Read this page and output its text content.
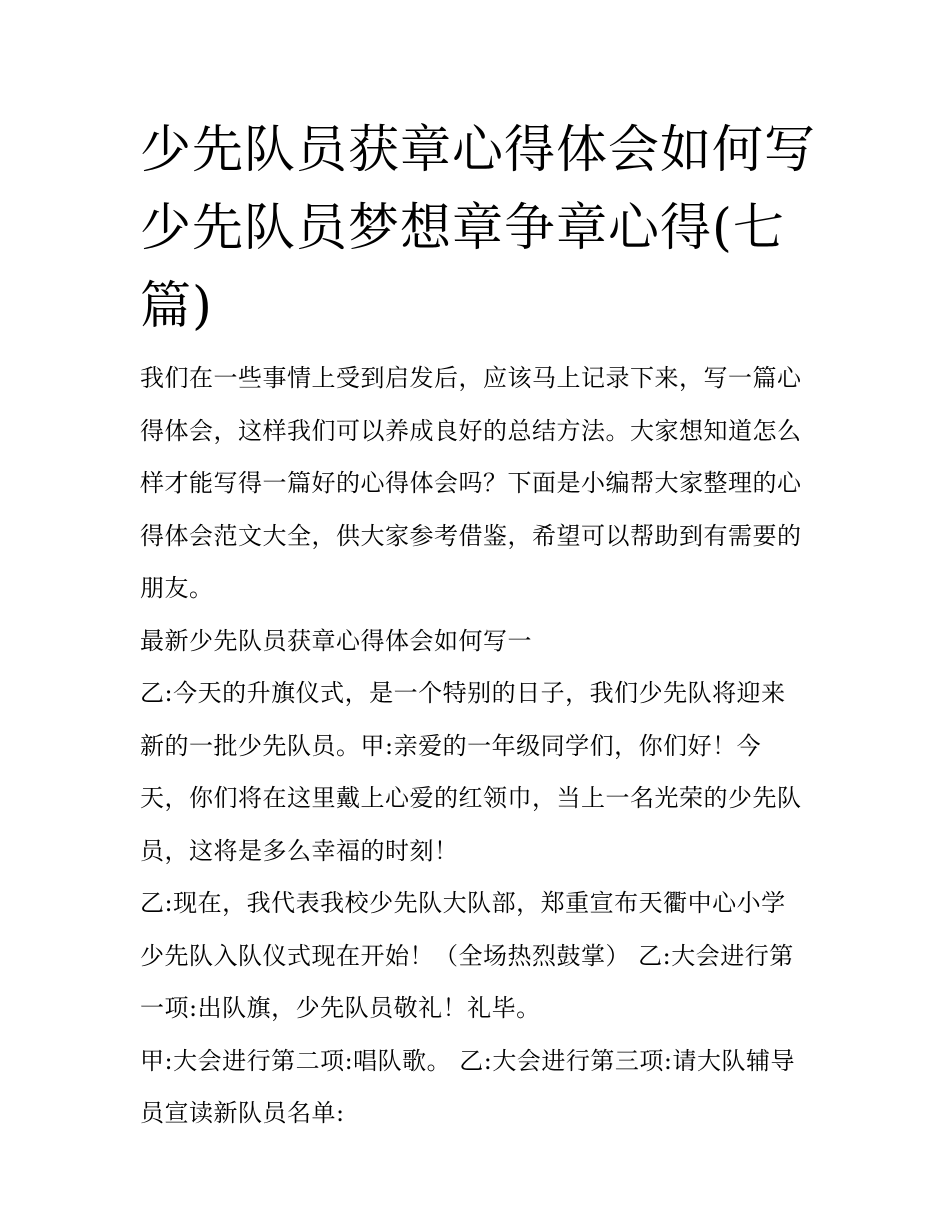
少先队员获章心得体会如何写
少先队员梦想章争章心得(七
篇)

我们在一些事情上受到启发后，应该马上记录下来，写一篇心
得体会，这样我们可以养成良好的总结方法。大家想知道怎么
样才能写得一篇好的心得体会吗？下面是小编帮大家整理的心
得体会范文大全，供大家参考借鉴，希望可以帮助到有需要的
朋友。

最新少先队员获章心得体会如何写一

乙:今天的升旗仪式，是一个特别的日子，我们少先队将迎来
新的一批少先队员。甲:亲爱的一年级同学们，你们好！今
天，你们将在这里戴上心爱的红领巾，当上一名光荣的少先队
员，这将是多么幸福的时刻！

乙:现在，我代表我校少先队大队部，郑重宣布天衢中心小学
少先队入队仪式现在开始！（全场热烈鼓掌） 乙:大会进行第
一项:出队旗，少先队员敬礼！礼毕。

甲:大会进行第二项:唱队歌。 乙:大会进行第三项:请大队辅导
员宣读新队员名单:
